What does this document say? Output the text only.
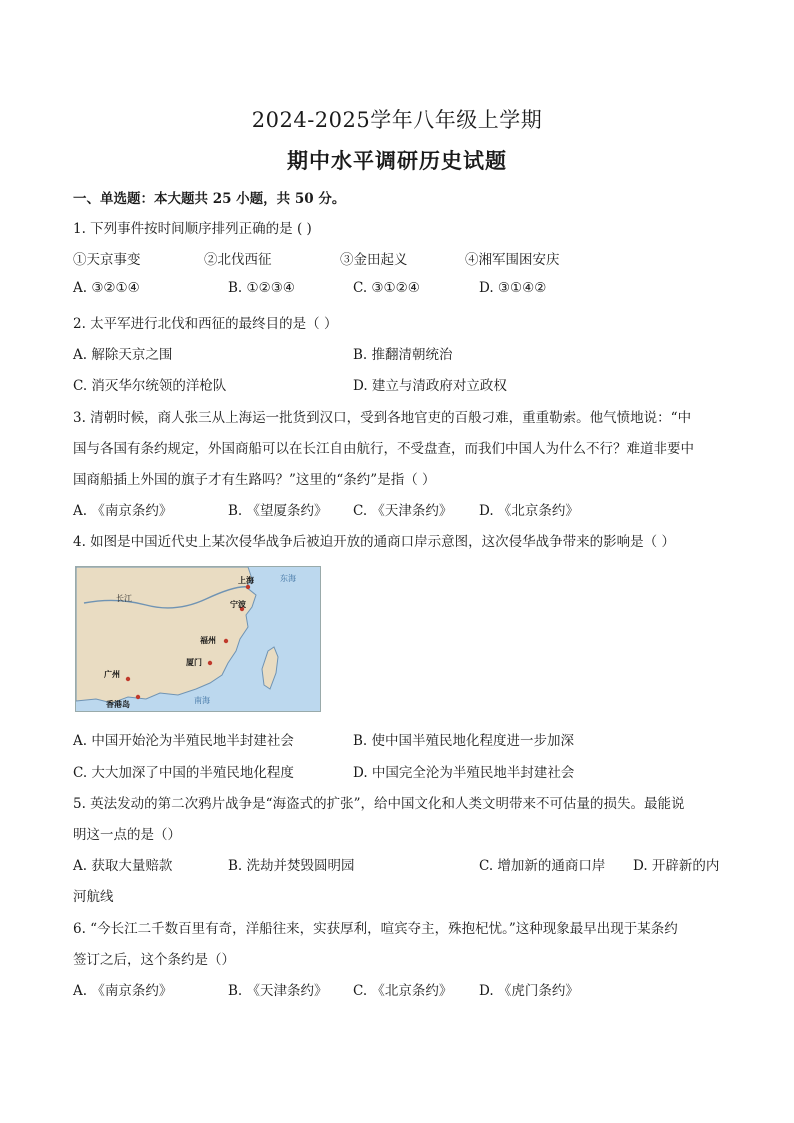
2024-2025学年八年级上学期
期中水平调研历史试题
一、单选题：本大题共 25 小题，共 50 分。
1. 下列事件按时间顺序排列正确的是 ( )
①天京事变	②北伐西征	③金田起义	④湘军围困安庆
A. ③②①④	B. ①②③④	C. ③①②④	D. ③①④②
2. 太平军进行北伐和西征的最终目的是（ ）
A. 解除天京之围	B. 推翻清朝统治
C. 消灭华尔统领的洋枪队	D. 建立与清政府对立政权
3. 清朝时候，商人张三从上海运一批货到汉口，受到各地官吏的百般刁难，重重勒索。他气愤地说：“中
国与各国有条约规定，外国商船可以在长江自由航行，不受盘查，而我们中国人为什么不行？难道非要中
国商船插上外国的旗子才有生路吗？”这里的“条约”是指（ ）
A. 《南京条约》	B. 《望厦条约》 C. 《天津条约》 D. 《北京条约》
4. 如图是中国近代史上某次侵华战争后被迫开放的通商口岸示意图，这次侵华战争带来的影响是（ ）
上海	东海
长江
宁波
福州
厦门
广州
香港岛	南海
A. 中国开始沦为半殖民地半封建社会	B. 使中国半殖民地化程度进一步加深
C. 大大加深了中国的半殖民地化程度	D. 中国完全沦为半殖民地半封建社会
5. 英法发动的第二次鸦片战争是“海盗式的扩张”，给中国文化和人类文明带来不可估量的损失。最能说
明这一点的是（）
A. 获取大量赔款	B. 洗劫并焚毁圆明园	C. 增加新的通商口岸 D. 开辟新的内
河航线
6. “今长江二千数百里有奇，洋船往来，实获厚利，喧宾夺主，殊抱杞忧。”这种现象最早出现于某条约
签订之后，这个条约是（）
A. 《南京条约》	B. 《天津条约》 C. 《北京条约》 D. 《虎门条约》
